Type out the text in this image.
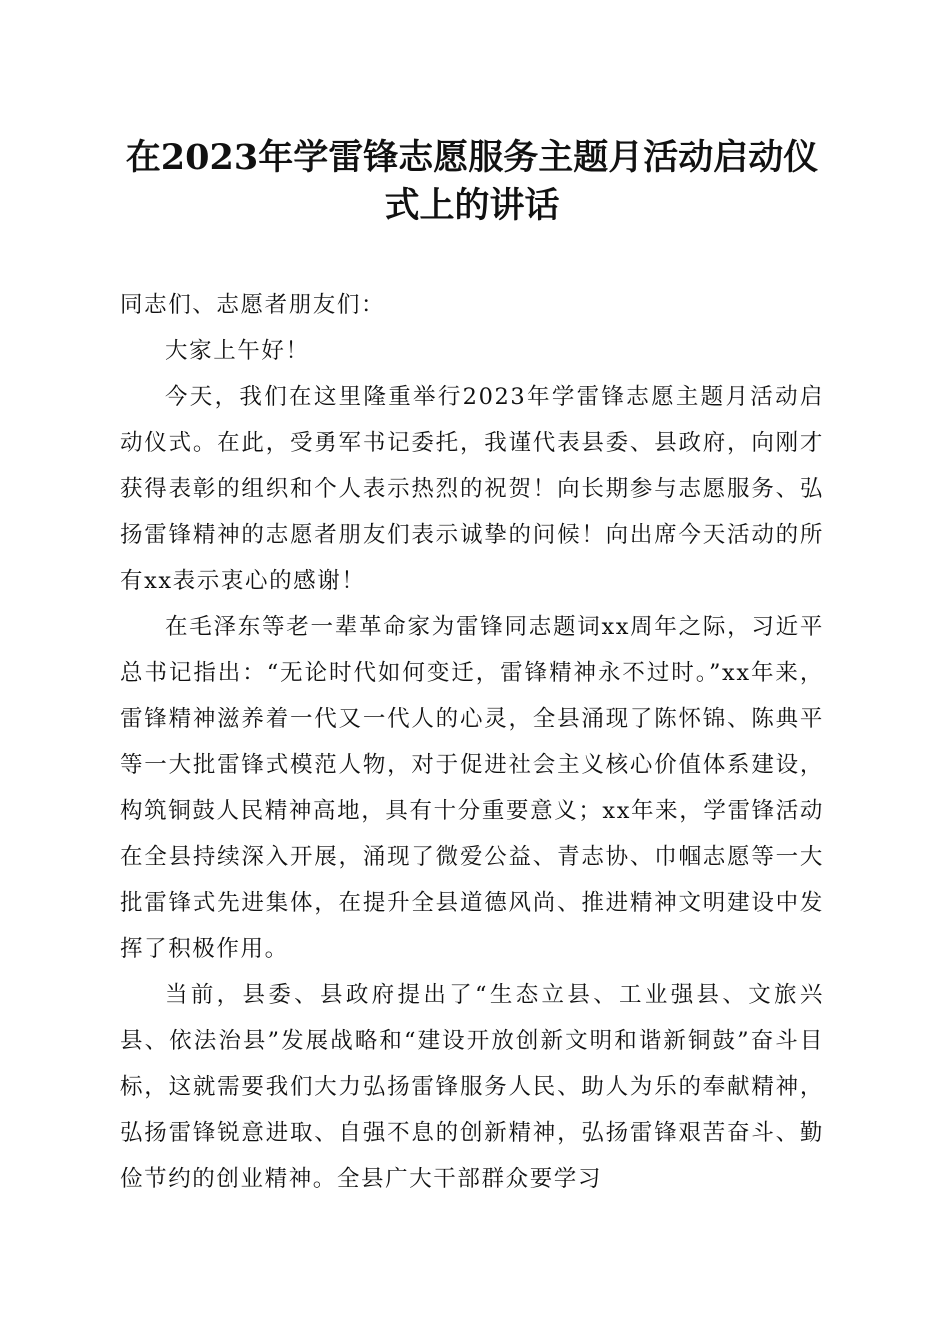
在2023年学雷锋志愿服务主题月活动启动仪
式上的讲话

同志们、志愿者朋友们：

大家上午好！

今天，我们在这里隆重举行2023年学雷锋志愿主题月活动启动仪式。在此，受勇军书记委托，我谨代表县委、县政府，向刚才获得表彰的组织和个人表示热烈的祝贺！向长期参与志愿服务、弘扬雷锋精神的志愿者朋友们表示诚挚的问候！向出席今天活动的所有xx表示衷心的感谢！

在毛泽东等老一辈革命家为雷锋同志题词xx周年之际，习近平总书记指出：“无论时代如何变迁，雷锋精神永不过时。”xx年来，雷锋精神滋养着一代又一代人的心灵，全县涌现了陈怀锦、陈典平等一大批雷锋式模范人物，对于促进社会主义核心价值体系建设，构筑铜鼓人民精神高地，具有十分重要意义；xx年来，学雷锋活动在全县持续深入开展，涌现了微爱公益、青志协、巾帼志愿等一大批雷锋式先进集体，在提升全县道德风尚、推进精神文明建设中发挥了积极作用。

当前，县委、县政府提出了“生态立县、工业强县、文旅兴县、依法治县”发展战略和“建设开放创新文明和谐新铜鼓”奋斗目标，这就需要我们大力弘扬雷锋服务人民、助人为乐的奉献精神，弘扬雷锋锐意进取、自强不息的创新精神，弘扬雷锋艰苦奋斗、勤俭节约的创业精神。全县广大干部群众要学习
